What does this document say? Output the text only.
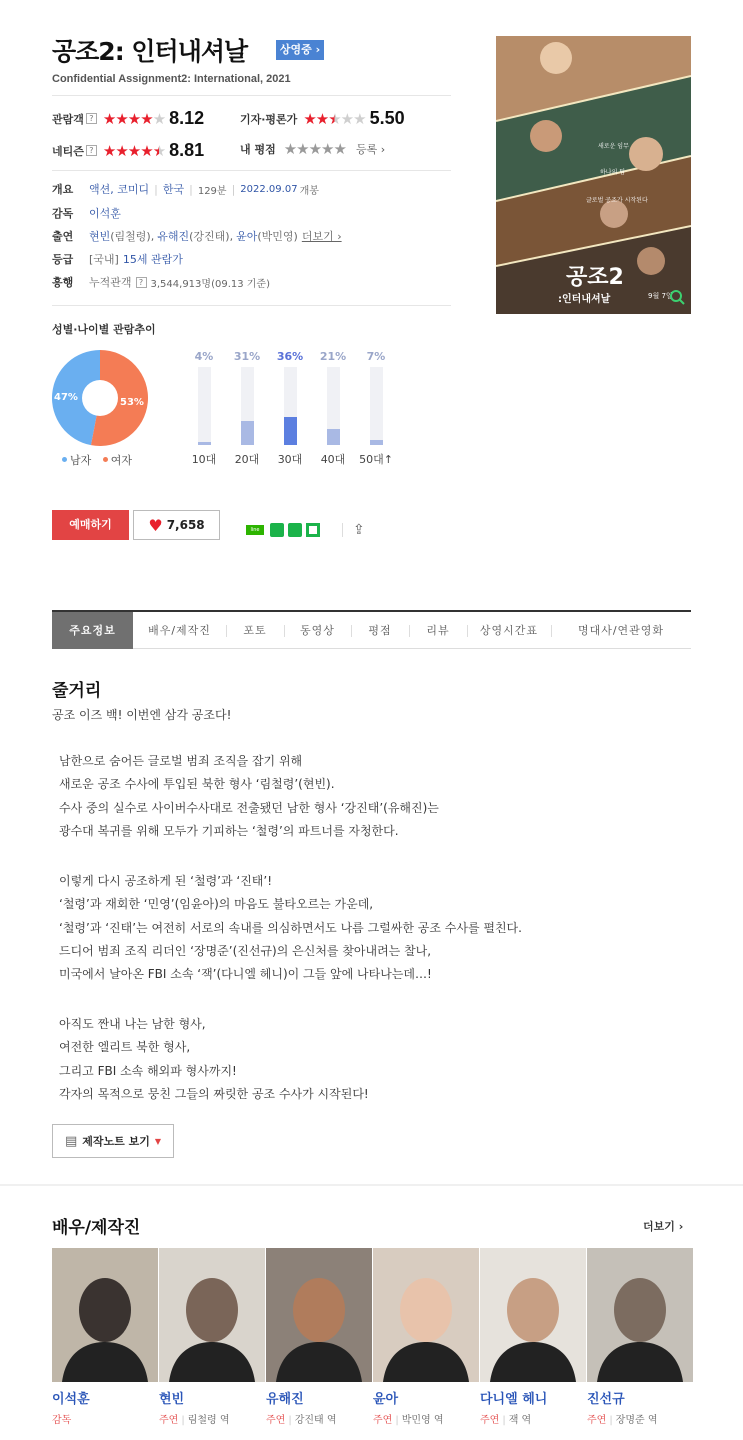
공조2: 인터내셔날	상영중 ›
Confidential Assignment2: International, 2021
관람객 ? ★★★★★ 8.12	기자·평론가 ★★★★★ 5.50
네티즌 ? ★★★★★ 8.81	내 평점 ★★★★★ 등록 ›
개요	액션, 코미디 | 한국 | 129분 | 2022.09.07 개봉
감독	이석훈
출연	현빈 (림철령), 유해진 (강진태), 윤아 (박민영) 더보기 ›
등급	[국내] 15세 관람가
흥행	누적관객 ? 3,544,913명(09.13 기준)	공조2
:인터내셔날	9월 7일
새로운 임무
하나의 팀
글로벌 공조가 시작된다
성별·나이별 관람추이
47%	53%
남자 여자
4%
10대
31%
20대
36%
30대
21%
40대
7%
50대↑
예매하기	♥ 7,658	line	⇪
주요정보	배우/제작진	포토	동영상	평점	리뷰	상영시간표	명대사/연관영화
줄거리
공조 이즈 백! 이번엔 삼각 공조다!
남한으로 숨어든 글로벌 범죄 조직을 잡기 위해
새로운 공조 수사에 투입된 북한 형사 ‘림철령’(현빈).
수사 중의 실수로 사이버수사대로 전출됐던 남한 형사 ‘강진태’(유해진)는
광수대 복귀를 위해 모두가 기피하는 ‘철령’의 파트너를 자청한다.
이렇게 다시 공조하게 된 ‘철령’과 ‘진태’!
‘철령’과 재회한 ‘민영’(임윤아)의 마음도 불타오르는 가운데,
‘철령’과 ‘진태’는 여전히 서로의 속내를 의심하면서도 나름 그럴싸한 공조 수사를 펼친다.
드디어 범죄 조직 리더인 ‘장명준’(진선규)의 은신처를 찾아내려는 찰나,
미국에서 날아온 FBI 소속 ‘잭’(다니엘 헤니)이 그들 앞에 나타나는데…!
아직도 짠내 나는 남한 형사,
여전한 엘리트 북한 형사,
그리고 FBI 소속 해외파 형사까지!
각자의 목적으로 뭉친 그들의 짜릿한 공조 수사가 시작된다!
▤ 제작노트 보기 ▼
배우/제작진	더보기 ›
이석훈
감독
현빈
주연 | 림철령 역
유해진
주연 | 강진태 역
윤아
주연 | 박민영 역
다니엘 헤니
주연 | 잭 역
진선규
주연 | 장명준 역
